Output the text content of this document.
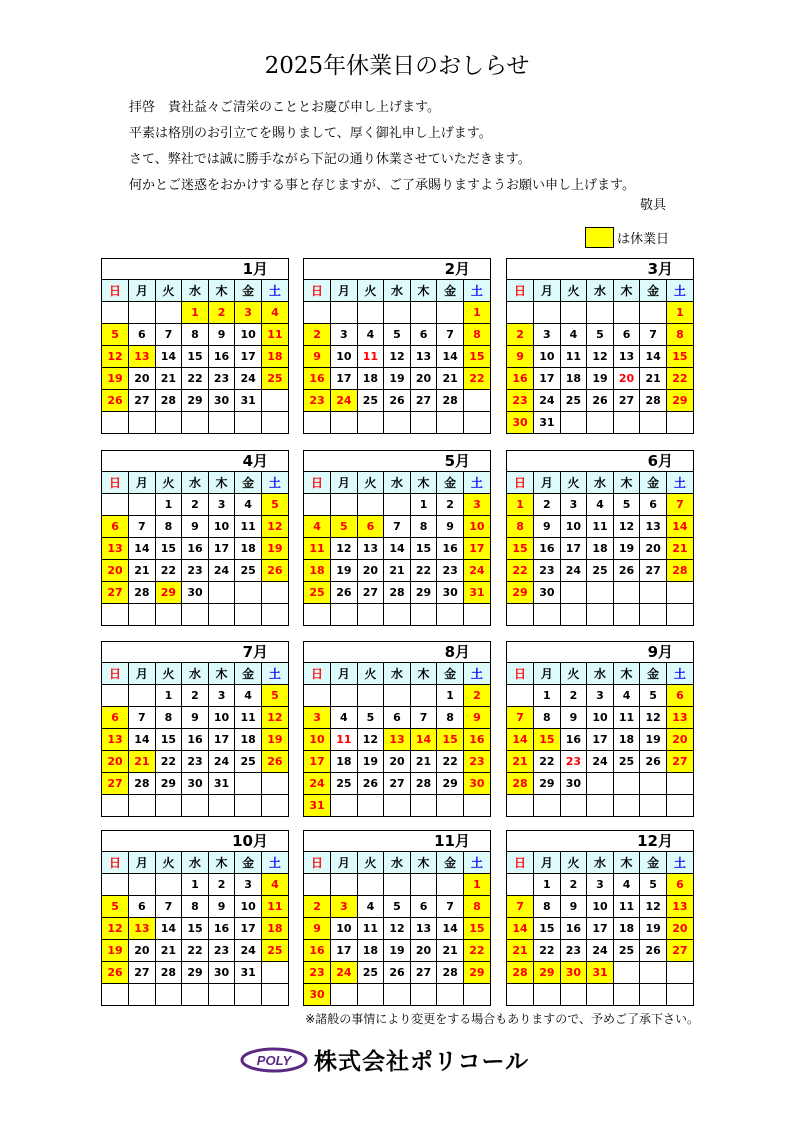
2025年休業日のおしらせ
拝啓　貴社益々ご清栄のこととお慶び申し上げます。
平素は格別のお引立てを賜りまして、厚く御礼申し上げます。
さて、弊社では誠に勝手ながら下記の通り休業させていただきます。
何かとご迷惑をおかけする事と存じますが、ご了承賜りますようお願い申し上げます。
敬具
は休業日
1月
日	月	火	水	木	金	土
			1	2	3	4
5	6	7	8	9	10	11
12	13	14	15	16	17	18
19	20	21	22	23	24	25
26	27	28	29	30	31	

2月
日	月	火	水	木	金	土
						1
2	3	4	5	6	7	8
9	10	11	12	13	14	15
16	17	18	19	20	21	22
23	24	25	26	27	28	

3月
日	月	火	水	木	金	土
						1
2	3	4	5	6	7	8
9	10	11	12	13	14	15
16	17	18	19	20	21	22
23	24	25	26	27	28	29
30	31					
4月
日	月	火	水	木	金	土
		1	2	3	4	5
6	7	8	9	10	11	12
13	14	15	16	17	18	19
20	21	22	23	24	25	26
27	28	29	30			

5月
日	月	火	水	木	金	土
				1	2	3
4	5	6	7	8	9	10
11	12	13	14	15	16	17
18	19	20	21	22	23	24
25	26	27	28	29	30	31

6月
日	月	火	水	木	金	土
1	2	3	4	5	6	7
8	9	10	11	12	13	14
15	16	17	18	19	20	21
22	23	24	25	26	27	28
29	30					

7月
日	月	火	水	木	金	土
		1	2	3	4	5
6	7	8	9	10	11	12
13	14	15	16	17	18	19
20	21	22	23	24	25	26
27	28	29	30	31		

8月
日	月	火	水	木	金	土
					1	2
3	4	5	6	7	8	9
10	11	12	13	14	15	16
17	18	19	20	21	22	23
24	25	26	27	28	29	30
31						
9月
日	月	火	水	木	金	土
	1	2	3	4	5	6
7	8	9	10	11	12	13
14	15	16	17	18	19	20
21	22	23	24	25	26	27
28	29	30				

10月
日	月	火	水	木	金	土
			1	2	3	4
5	6	7	8	9	10	11
12	13	14	15	16	17	18
19	20	21	22	23	24	25
26	27	28	29	30	31	

11月
日	月	火	水	木	金	土
						1
2	3	4	5	6	7	8
9	10	11	12	13	14	15
16	17	18	19	20	21	22
23	24	25	26	27	28	29
30						
12月
日	月	火	水	木	金	土
	1	2	3	4	5	6
7	8	9	10	11	12	13
14	15	16	17	18	19	20
21	22	23	24	25	26	27
28	29	30	31			

※諸般の事情により変更をする場合もありますので、予めご了承下さい。
POLY 株式会社ポリコール
